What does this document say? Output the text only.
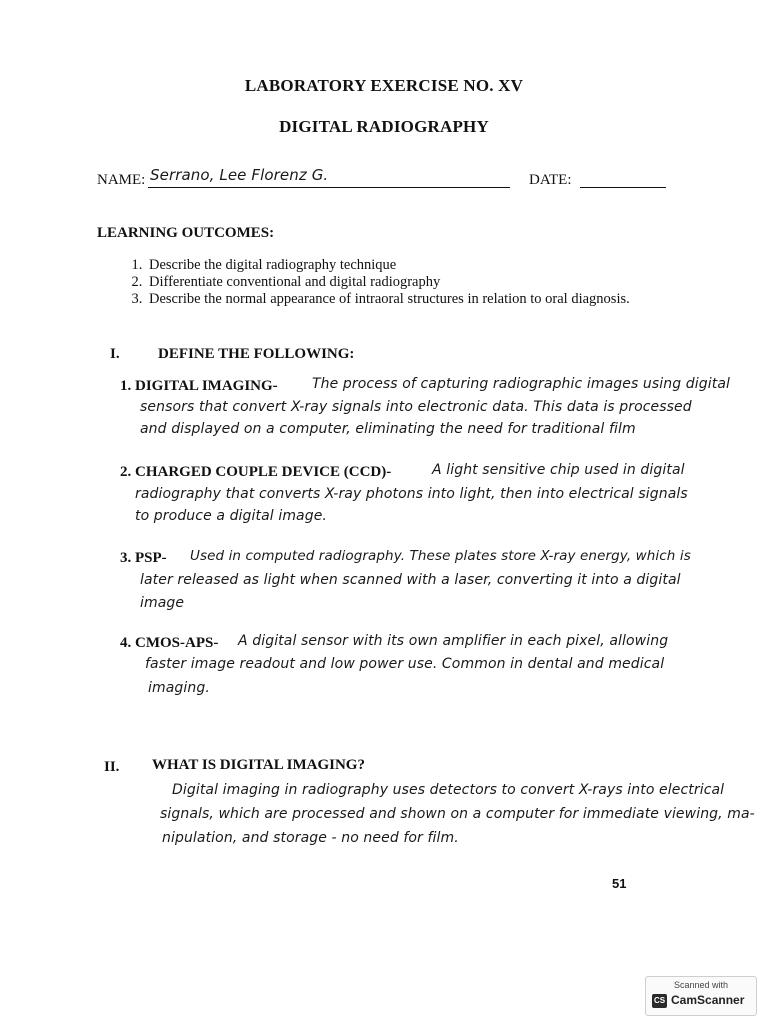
LABORATORY EXERCISE NO. XV
DIGITAL RADIOGRAPHY
NAME: Serrano, Lee Florenz G.	DATE:
LEARNING OUTCOMES:
1. Describe the digital radiography technique
2. Differentiate conventional and digital radiography
3. Describe the normal appearance of intraoral structures in relation to oral diagnosis.
I.	DEFINE THE FOLLOWING:
1. DIGITAL IMAGING-	The process of capturing radiographic images using digital
sensors that convert X-ray signals into electronic data. This data is processed
and displayed on a computer, eliminating the need for traditional film
2. CHARGED COUPLE DEVICE (CCD)-	A light sensitive chip used in digital
radiography that converts X-ray photons into light, then into electrical signals
to produce a digital image.
3. PSP-	Used in computed radiography. These plates store X-ray energy, which is
later released as light when scanned with a laser, converting it into a digital
image
4. CMOS-APS-	A digital sensor with its own amplifier in each pixel, allowing
faster image readout and low power use. Common in dental and medical
imaging.
II. WHAT IS DIGITAL IMAGING?
Digital imaging in radiography uses detectors to convert X-rays into electrical
signals, which are processed and shown on a computer for immediate viewing, ma-
nipulation, and storage - no need for film.
51
Scanned with
CS CamScanner
